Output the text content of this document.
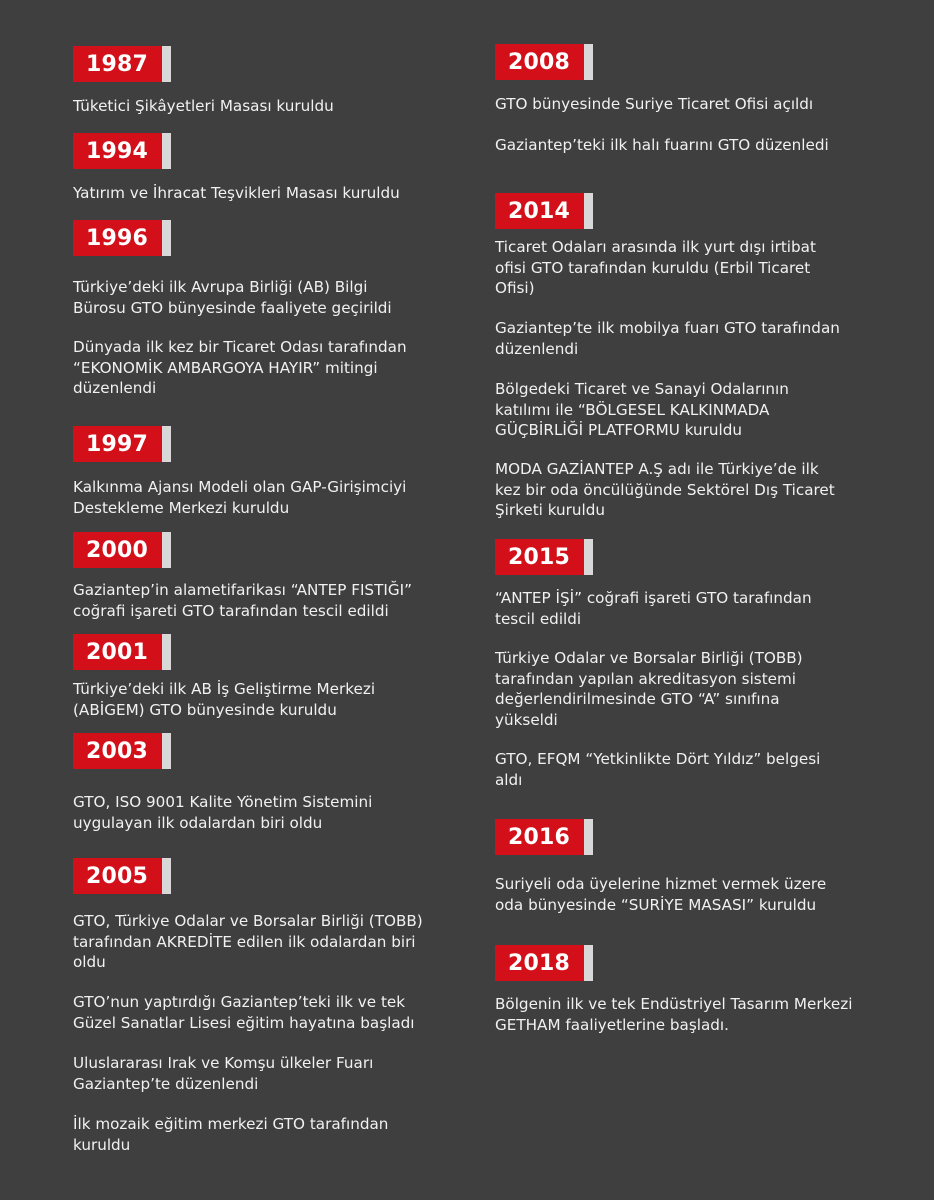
1987
Tüketici Şikâyetleri Masası kuruldu
1994
Yatırım ve İhracat Teşvikleri Masası kuruldu
1996
Türkiye’deki ilk Avrupa Birliği (AB) Bilgi
Bürosu GTO bünyesinde faaliyete geçirildi
Dünyada ilk kez bir Ticaret Odası tarafından
“EKONOMİK AMBARGOYA HAYIR” mitingi
düzenlendi
1997
Kalkınma Ajansı Modeli olan GAP-Girişimciyi
Destekleme Merkezi kuruldu
2000
Gaziantep’in alametifarikası “ANTEP FISTIĞI”
coğrafi işareti GTO tarafından tescil edildi
2001
Türkiye’deki ilk AB İş Geliştirme Merkezi
(ABİGEM) GTO bünyesinde kuruldu
2003
GTO, ISO 9001 Kalite Yönetim Sistemini
uygulayan ilk odalardan biri oldu
2005
GTO, Türkiye Odalar ve Borsalar Birliği (TOBB)
tarafından AKREDİTE edilen ilk odalardan biri
oldu
GTO’nun yaptırdığı Gaziantep’teki ilk ve tek
Güzel Sanatlar Lisesi eğitim hayatına başladı
Uluslararası Irak ve Komşu ülkeler Fuarı
Gaziantep’te düzenlendi
İlk mozaik eğitim merkezi GTO tarafından
kuruldu
2008
GTO bünyesinde Suriye Ticaret Ofisi açıldı
Gaziantep’teki ilk halı fuarını GTO düzenledi
2014
Ticaret Odaları arasında ilk yurt dışı irtibat
ofisi GTO tarafından kuruldu (Erbil Ticaret
Ofisi)
Gaziantep’te ilk mobilya fuarı GTO tarafından
düzenlendi
Bölgedeki Ticaret ve Sanayi Odalarının
katılımı ile “BÖLGESEL KALKINMADA
GÜÇBİRLİĞİ PLATFORMU kuruldu
MODA GAZİANTEP A.Ş adı ile Türkiye’de ilk
kez bir oda öncülüğünde Sektörel Dış Ticaret
Şirketi kuruldu
2015
“ANTEP İŞİ” coğrafi işareti GTO tarafından
tescil edildi
Türkiye Odalar ve Borsalar Birliği (TOBB)
tarafından yapılan akreditasyon sistemi
değerlendirilmesinde GTO “A” sınıfına
yükseldi
GTO, EFQM “Yetkinlikte Dört Yıldız” belgesi
aldı
2016
Suriyeli oda üyelerine hizmet vermek üzere
oda bünyesinde “SURİYE MASASI” kuruldu
2018
Bölgenin ilk ve tek Endüstriyel Tasarım Merkezi
GETHAM faaliyetlerine başladı.
